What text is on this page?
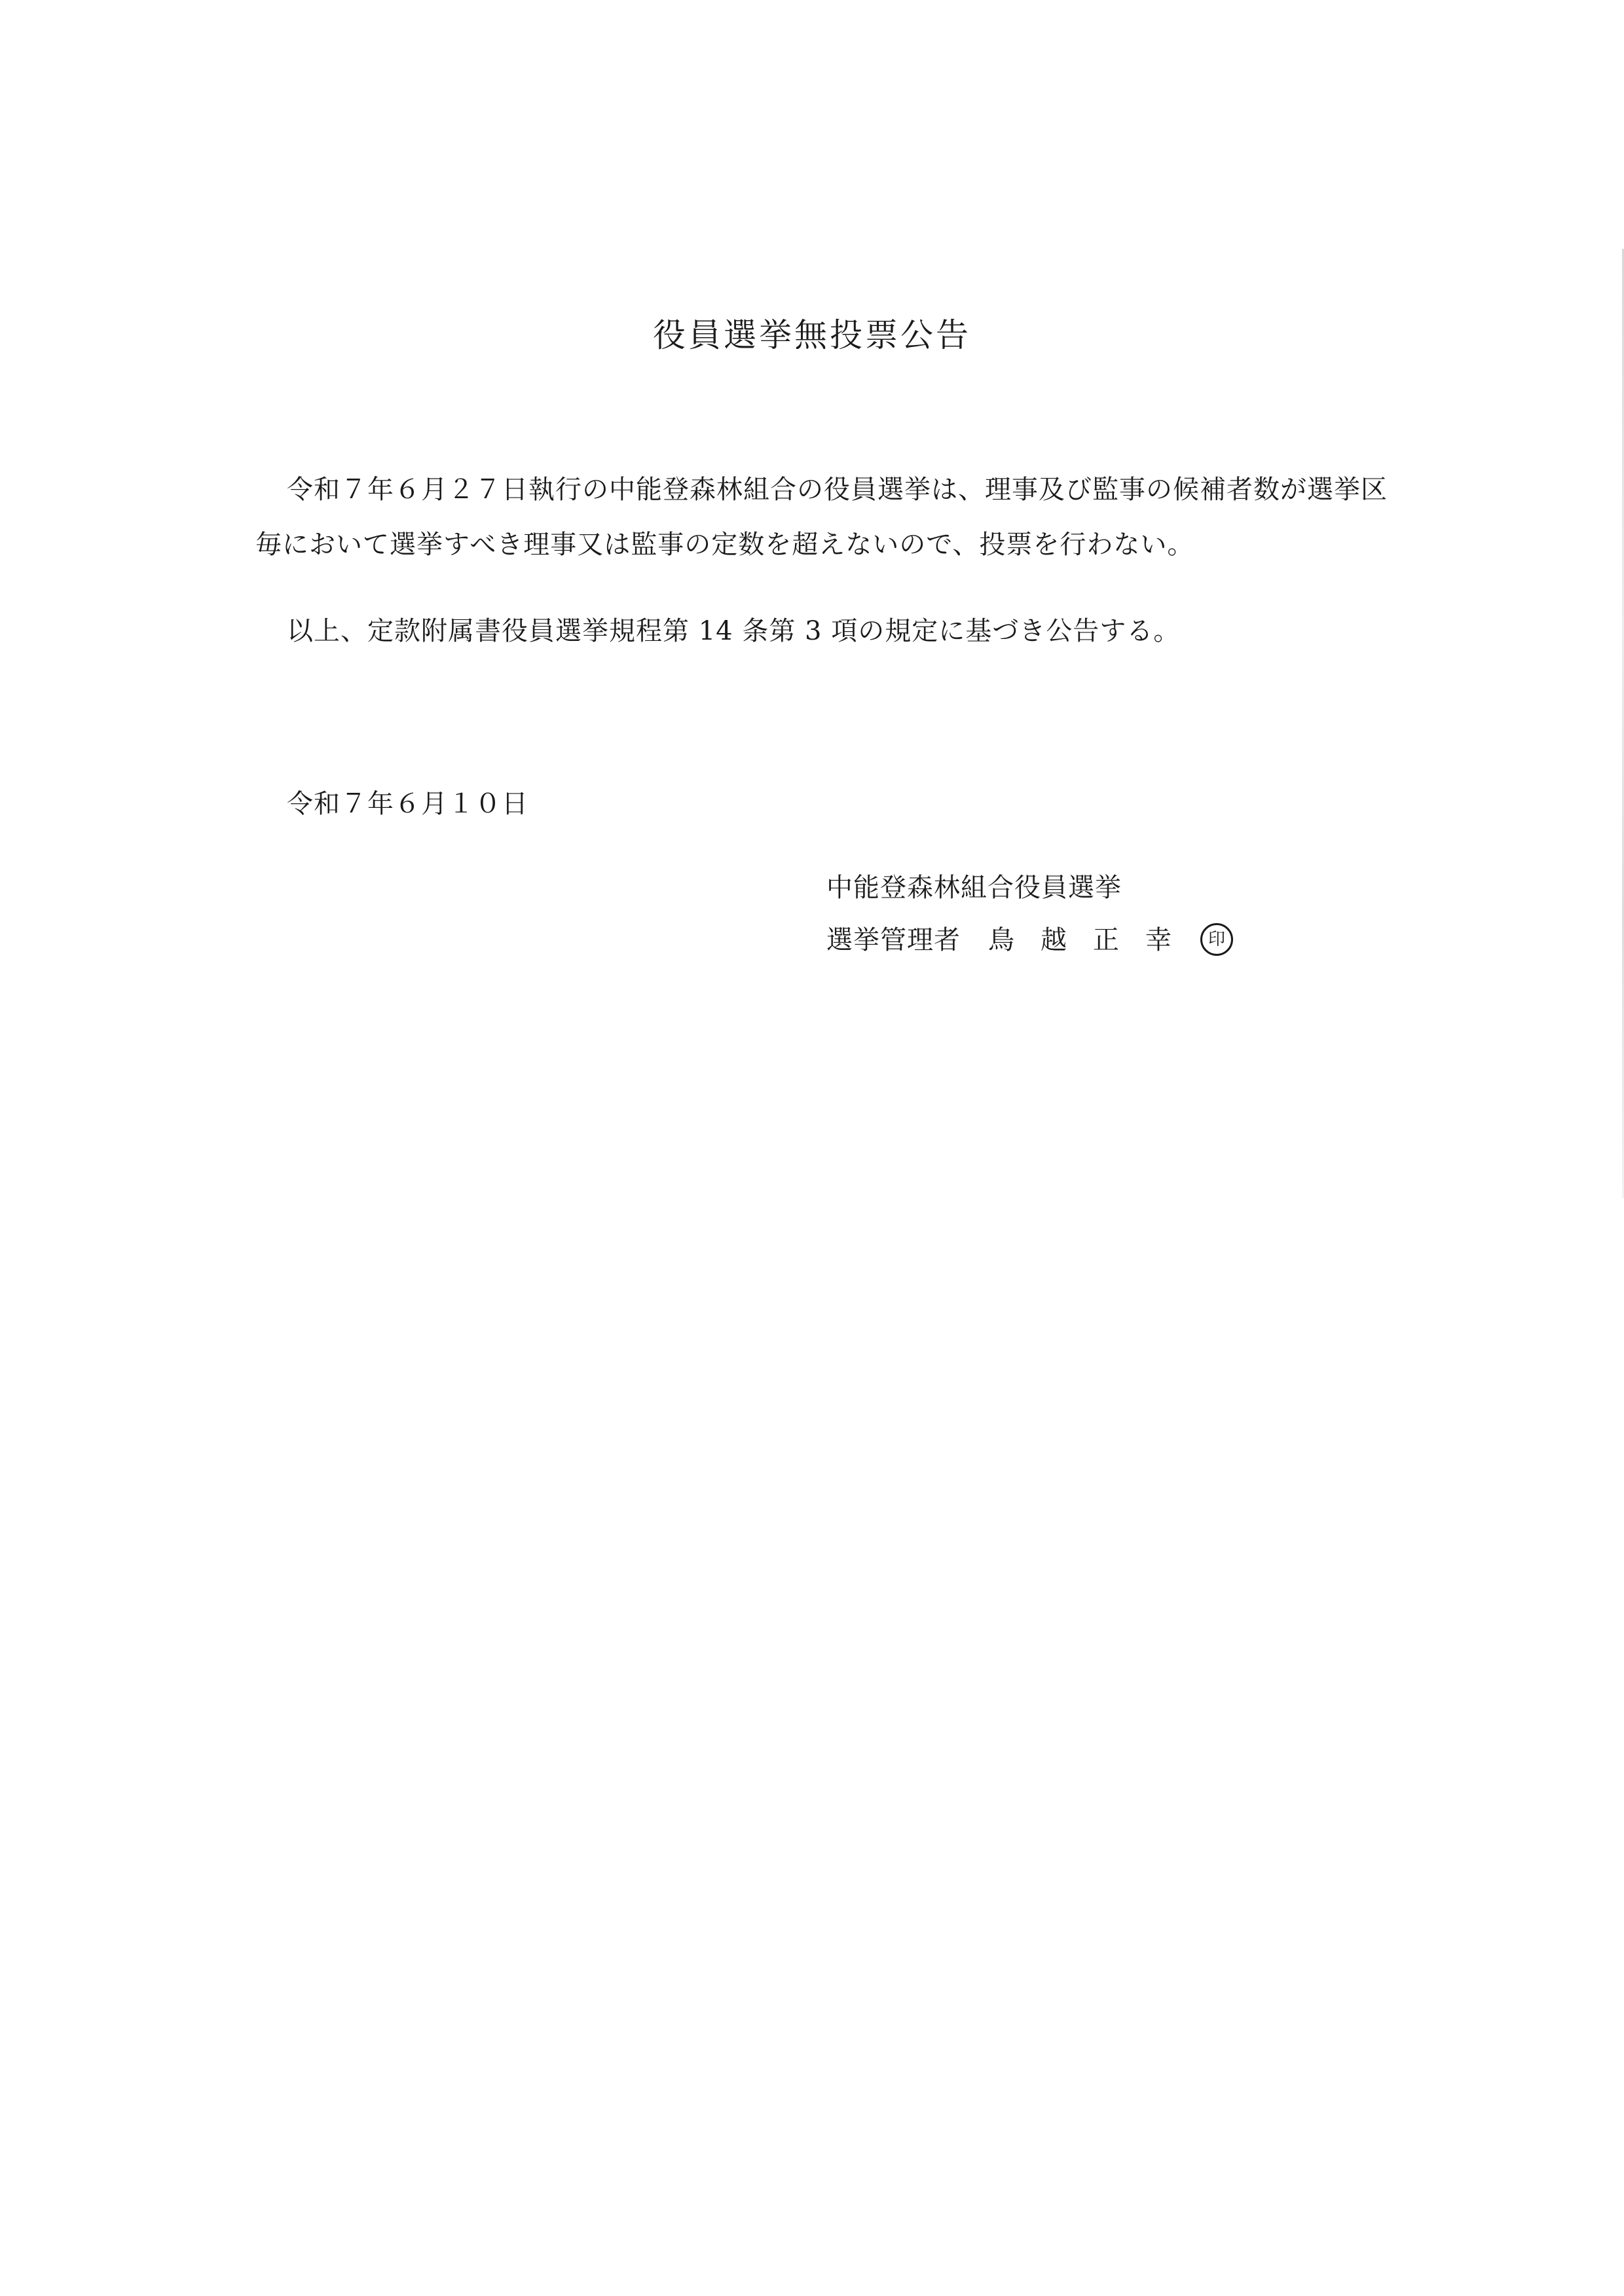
役員選挙無投票公告

令和７年６月２７日執行の中能登森林組合の役員選挙は、理事及び監事の候補者数が選挙区毎において選挙すべき理事又は監事の定数を超えないので、投票を行わない。

以上、定款附属書役員選挙規程第 14 条第 3 項の規定に基づき公告する。

令和７年６月１０日
中能登森林組合役員選挙
選挙管理者 鳥越正幸 印
